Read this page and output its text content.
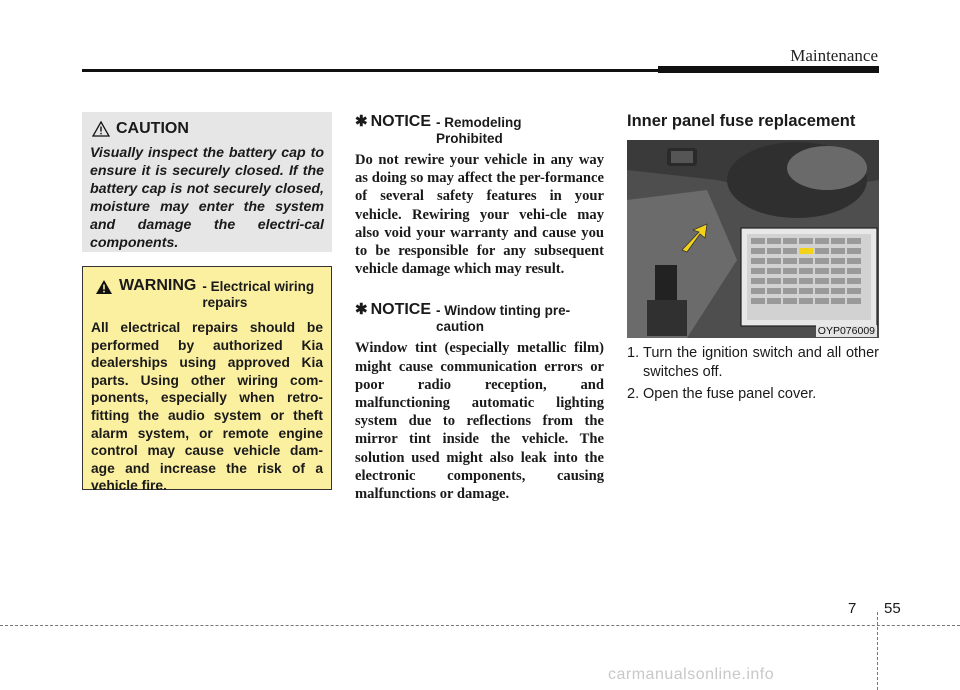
Maintenance
CAUTION
Visually inspect the battery cap to ensure it is securely closed. If the battery cap is not securely closed, moisture may enter the system and damage the electri-cal components.
WARNING - Electrical wiring repairs
All electrical repairs should be performed by authorized Kia dealerships using approved Kia parts. Using other wiring com-ponents, especially when retro-fitting the audio system or theft alarm system, or remote engine control may cause vehicle dam-age and increase the risk of a vehicle fire.
✱ NOTICE - Remodeling Prohibited
Do not rewire your vehicle in any way as doing so may affect the per-formance of several safety features in your vehicle. Rewiring your vehi-cle may also void your warranty and cause you to be responsible for any subsequent vehicle damage which may result.
✱ NOTICE - Window tinting pre-caution
Window tint (especially metallic film) might cause communication errors or poor radio reception, and malfunctioning automatic lighting system due to reflections from the mirror tint inside the vehicle. The solution used might also leak into the electronic components, causing malfunctions or damage.
Inner panel fuse replacement
OYP076009
1. Turn the ignition switch and all other switches off.
2. Open the fuse panel cover.
7 55
carmanualsonline.info
